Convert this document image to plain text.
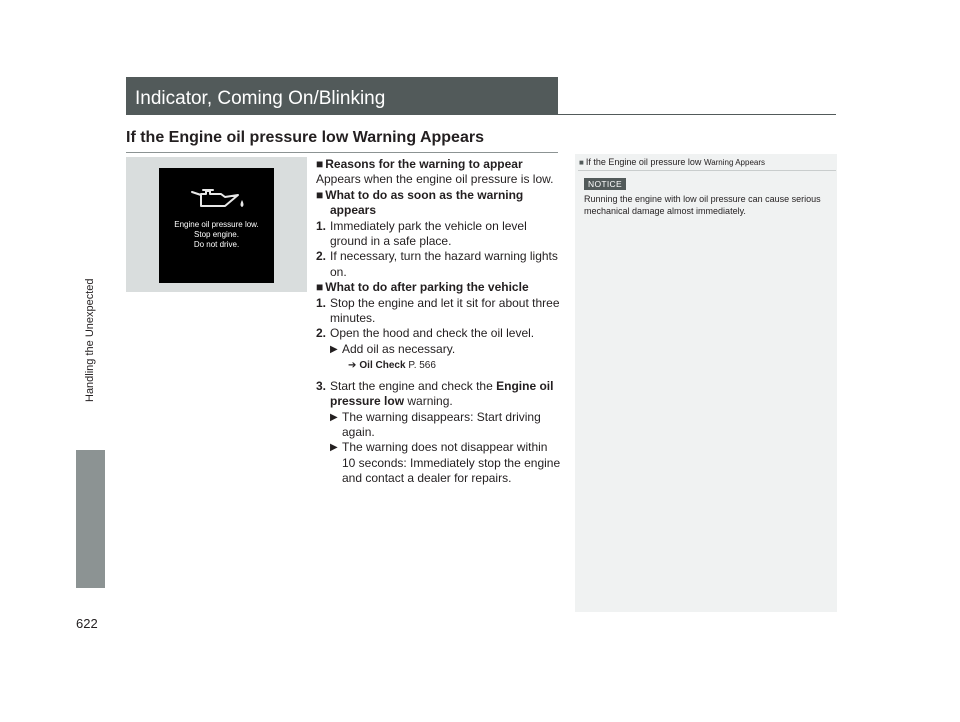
Indicator, Coming On/Blinking
Handling the Unexpected
622
If the Engine oil pressure low Warning Appears
Engine oil pressure low.
Stop engine.
Do not drive.

■ Reasons for the warning to appear

Appears when the engine oil pressure is low.

■ What to do as soon as the warning appears

1. Immediately park the vehicle on level ground in a safe place.

2. If necessary, turn the hazard warning lights on.

■ What to do after parking the vehicle

1. Stop the engine and let it sit for about three minutes.

2. Open the hood and check the oil level.

▶ Add oil as necessary.

➔ Oil Check P. 566

3. Start the engine and check the Engine oil pressure low warning.

▶ The warning disappears: Start driving again.

▶ The warning does not disappear within 10 seconds: Immediately stop the engine and contact a dealer for repairs.

■ If the Engine oil pressure low Warning Appears
NOTICE
Running the engine with low oil pressure can cause serious mechanical damage almost immediately.
